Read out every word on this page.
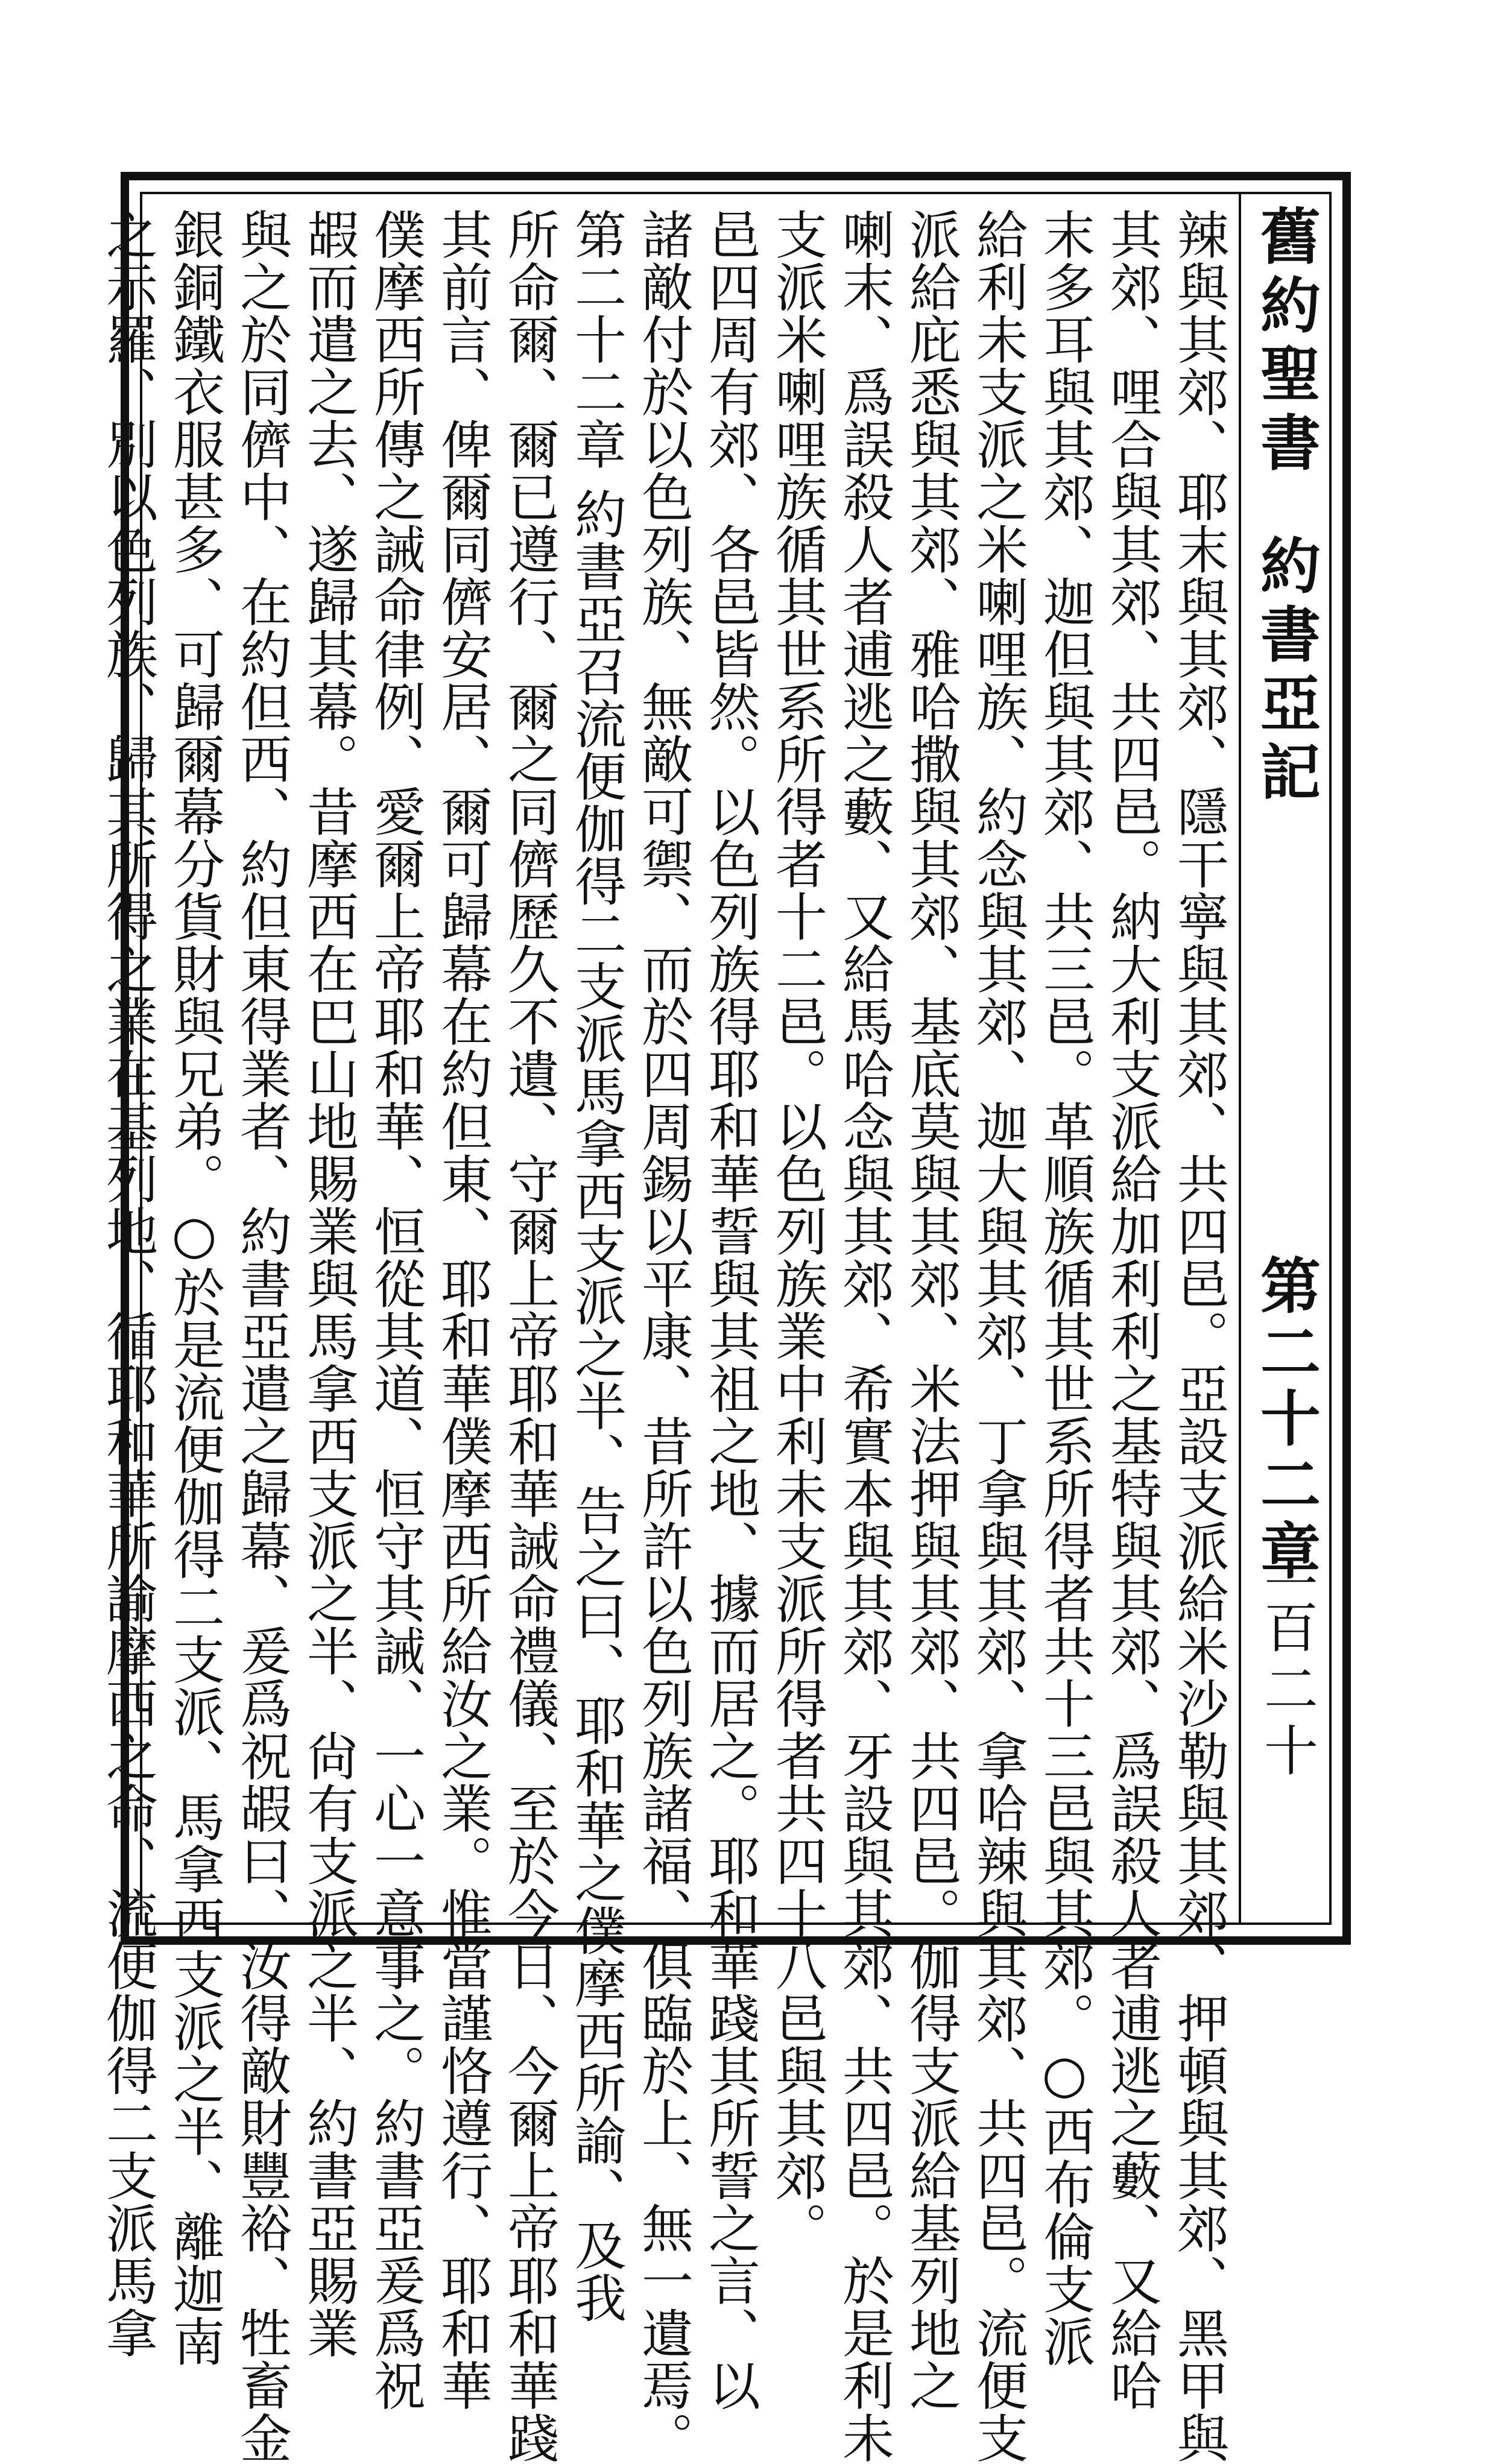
舊約聖書約書亞記
第二十二章
二百二十
辣與其郊、耶末與其郊、隱干寧與其郊、共四邑。亞設支派給米沙勒與其郊、押頓與其郊、黑甲與
其郊、哩合與其郊、共四邑。納大利支派給加利利之基特與其郊、爲誤殺人者逋逃之藪、又給哈
末多耳與其郊、迦但與其郊、共三邑。革順族循其世系所得者共十三邑與其郊。○西布倫支派
給利未支派之米喇哩族、約念與其郊、迦大與其郊、丁拿與其郊、拿哈辣與其郊、共四邑。流便支
派給庇悉與其郊、雅哈撒與其郊、基底莫與其郊、米法押與其郊、共四邑。伽得支派給基列地之
喇末、爲誤殺人者逋逃之藪、又給馬哈念與其郊、希實本與其郊、牙設與其郊、共四邑。於是利未
支派米喇哩族循其世系所得者十二邑。以色列族業中利未支派所得者共四十八邑與其郊。
邑四周有郊、各邑皆然。以色列族得耶和華誓與其祖之地、據而居之。耶和華踐其所誓之言、以
諸敵付於以色列族、無敵可禦、而於四周錫以平康、昔所許以色列族諸福、俱臨於上、無一遺焉。
第二十二章 約書亞召流便伽得二支派馬拿西支派之半、告之曰、耶和華之僕摩西所諭、及我
所命爾、爾已遵行、爾之同儕歷久不遺、守爾上帝耶和華誡命禮儀、至於今日、今爾上帝耶和華踐
其前言、俾爾同儕安居、爾可歸幕在約但東、耶和華僕摩西所給汝之業。惟當謹恪遵行、耶和華
僕摩西所傳之誡命律例、愛爾上帝耶和華、恒從其道、恒守其誡、一心一意事之。約書亞爰爲祝
嘏而遣之去、遂歸其幕。昔摩西在巴山地賜業與馬拿西支派之半、尙有支派之半、約書亞賜業
與之於同儕中、在約但西、約但東得業者、約書亞遣之歸幕、爰爲祝嘏曰、汝得敵財豐裕、牲畜金
銀銅鐵衣服甚多、可歸爾幕分貨財與兄弟。○於是流便伽得二支派、馬拿西支派之半、離迦南
之示羅、別以色列族、歸其所得之業在基列地、循耶和華所諭摩西之命、流便伽得二支派馬拿
